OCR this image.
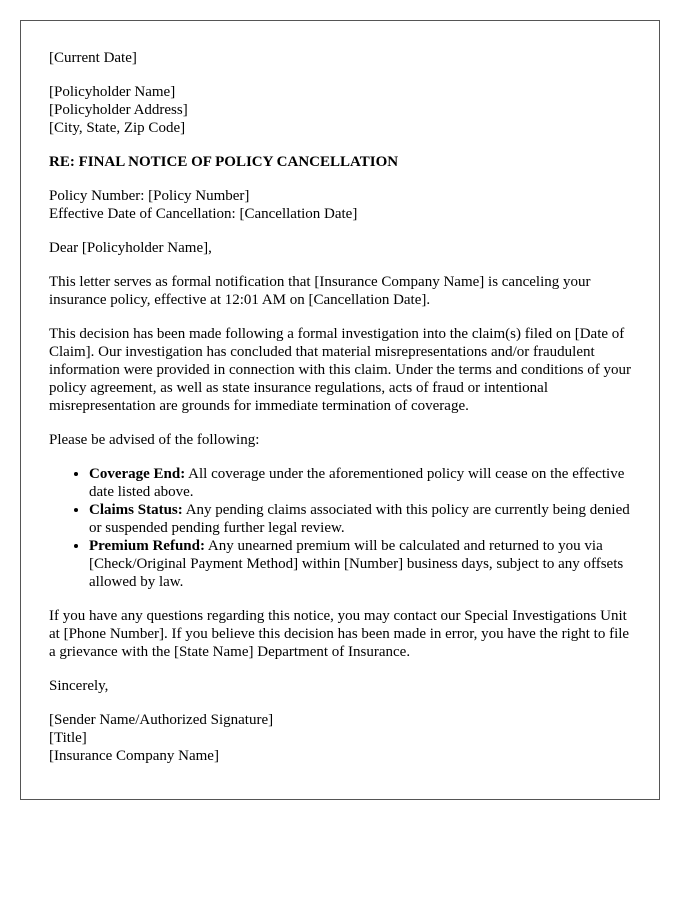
[Current Date]
[Policyholder Name]
[Policyholder Address]
[City, State, Zip Code]
RE: FINAL NOTICE OF POLICY CANCELLATION
Policy Number: [Policy Number]
Effective Date of Cancellation: [Cancellation Date]

Dear [Policyholder Name],

This letter serves as formal notification that [Insurance Company Name] is canceling your insurance policy, effective at 12:01 AM on [Cancellation Date].

This decision has been made following a formal investigation into the claim(s) filed on [Date of Claim]. Our investigation has concluded that material misrepresentations and/or fraudulent information were provided in connection with this claim. Under the terms and conditions of your policy agreement, as well as state insurance regulations, acts of fraud or intentional misrepresentation are grounds for immediate termination of coverage.

Please be advised of the following:

• Coverage End: All coverage under the aforementioned policy will cease on the effective date listed above.
• Claims Status: Any pending claims associated with this policy are currently being denied or suspended pending further legal review.
• Premium Refund: Any unearned premium will be calculated and returned to you via [Check/Original Payment Method] within [Number] business days, subject to any offsets allowed by law.

If you have any questions regarding this notice, you may contact our Special Investigations Unit at [Phone Number]. If you believe this decision has been made in error, you have the right to file a grievance with the [State Name] Department of Insurance.

Sincerely,

[Sender Name/Authorized Signature]
[Title]
[Insurance Company Name]
